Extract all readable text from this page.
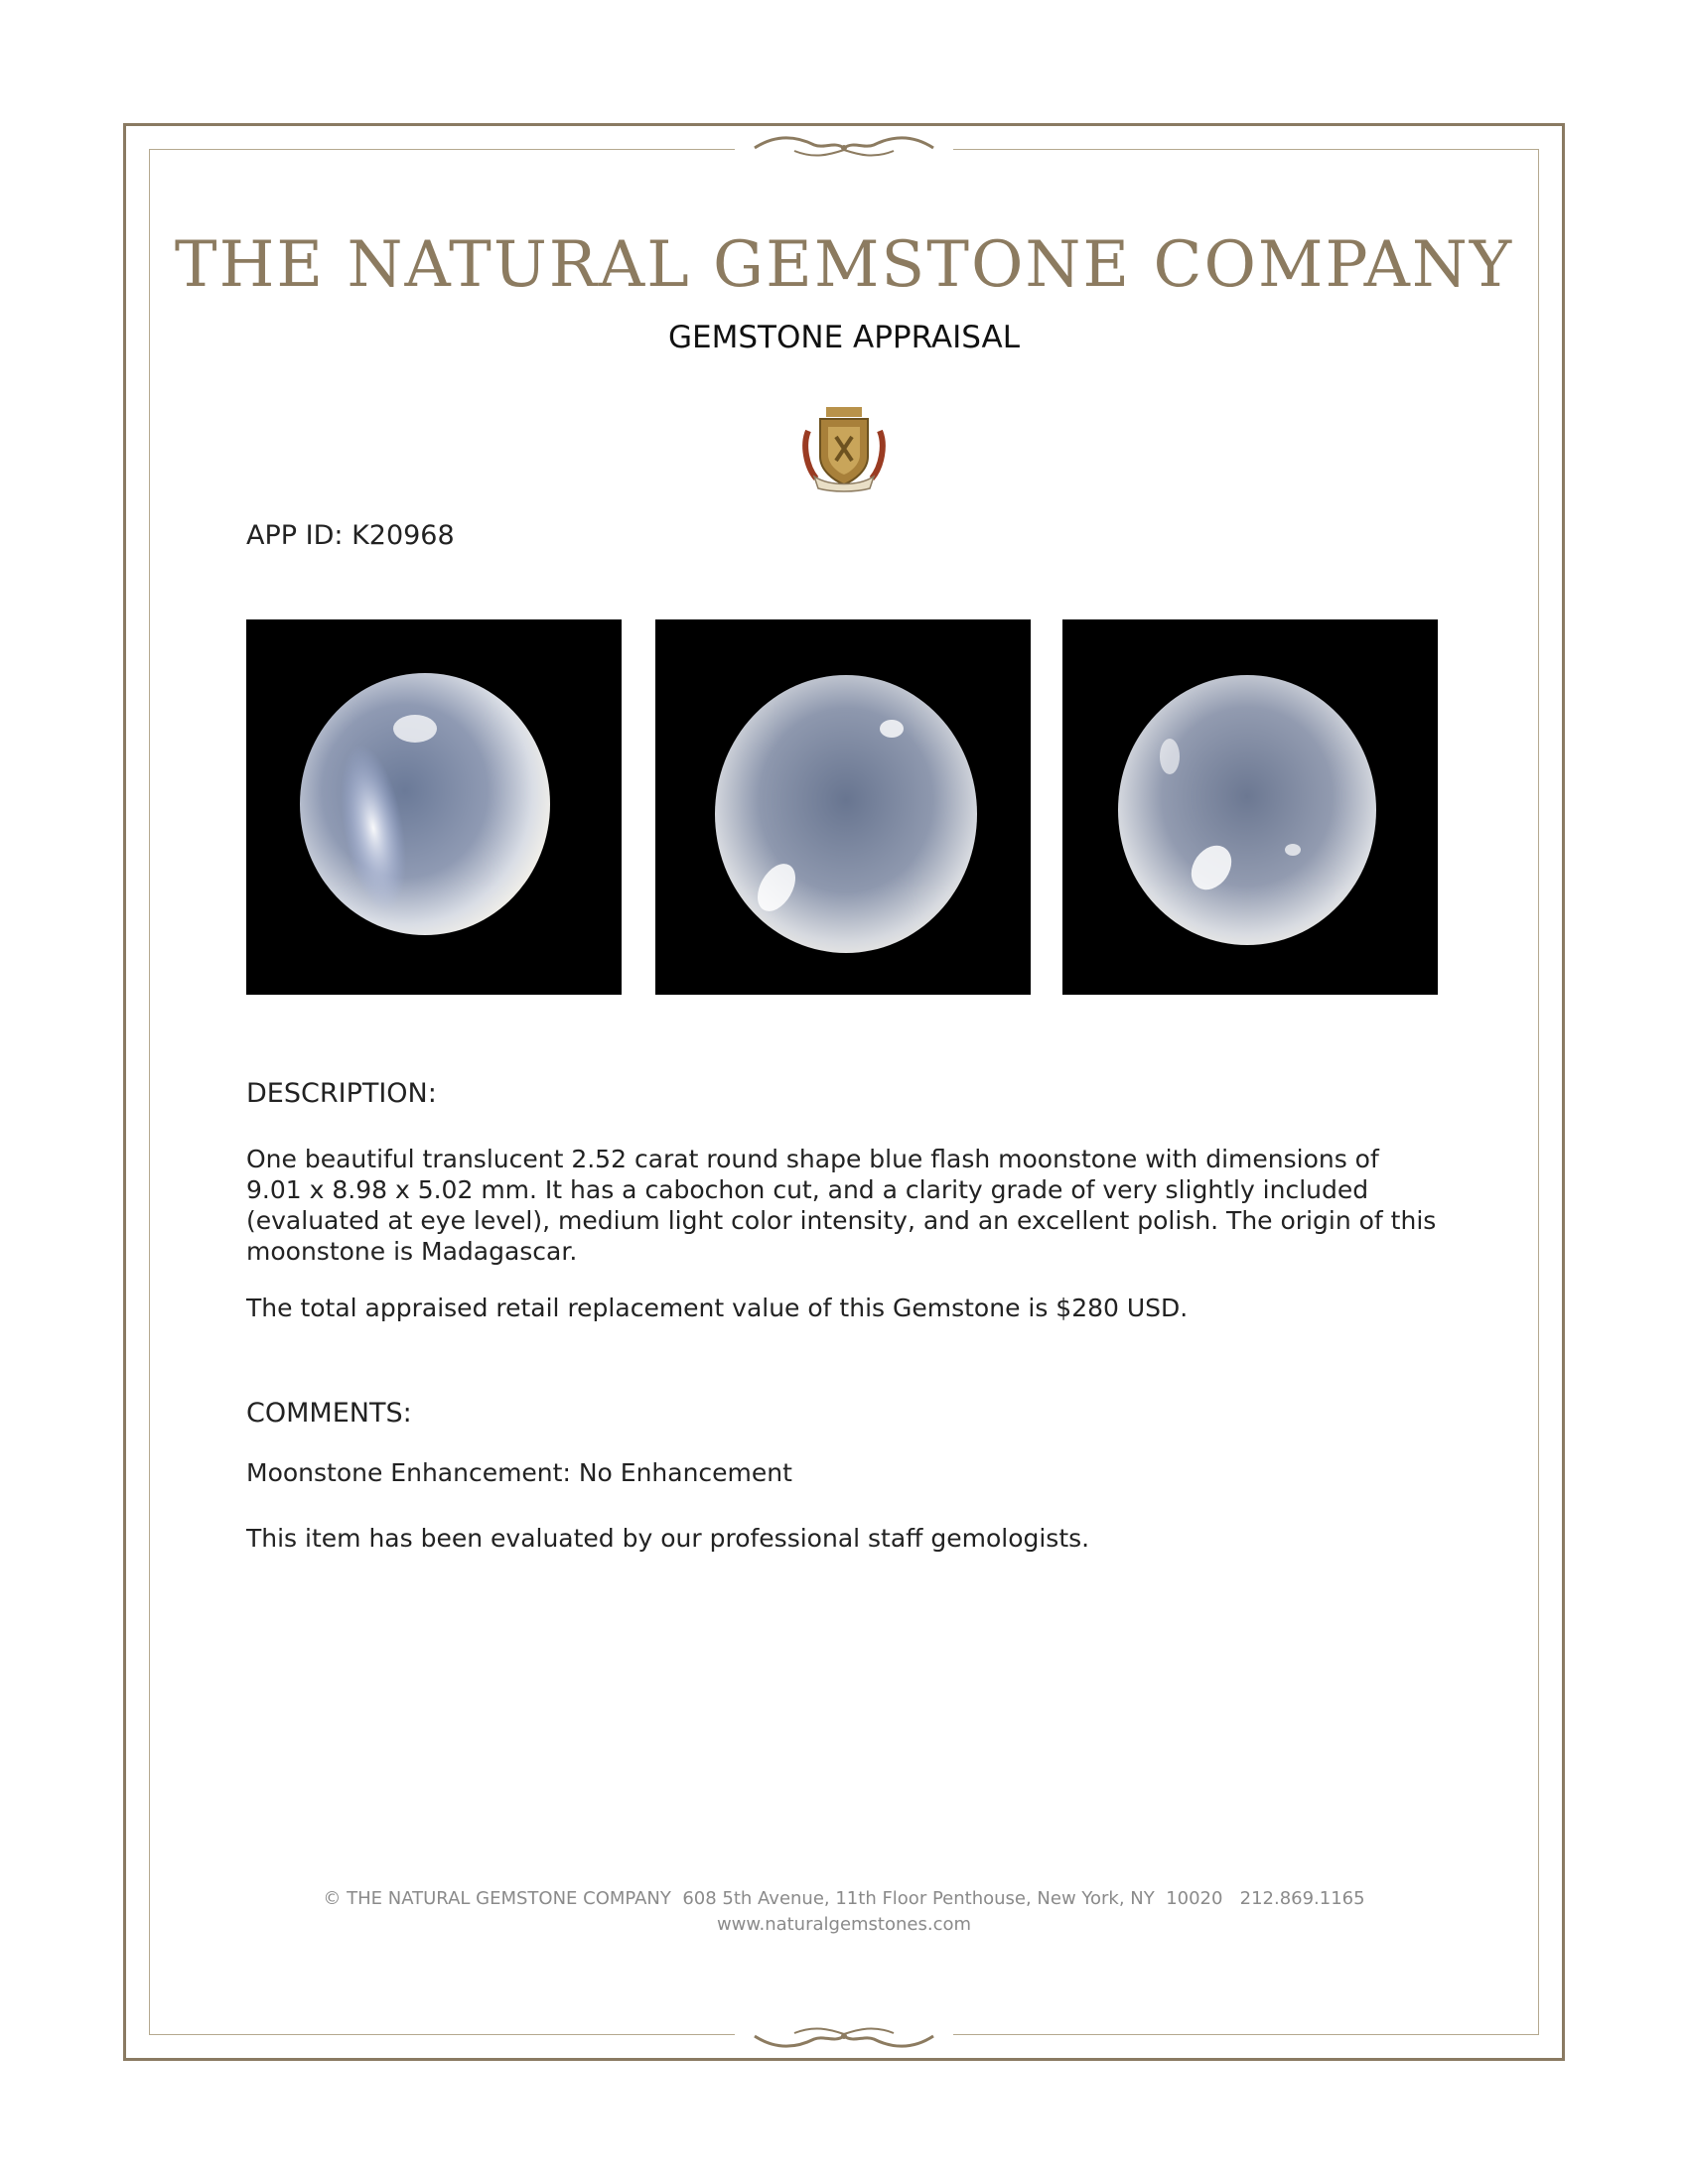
THE NATURAL GEMSTONE COMPANY
GEMSTONE APPRAISAL
APP ID: K20968
DESCRIPTION:

One beautiful translucent 2.52 carat round shape blue flash moonstone with dimensions of 9.01 x 8.98 x 5.02 mm. It has a cabochon cut, and a clarity grade of very slightly included (evaluated at eye level), medium light color intensity, and an excellent polish. The origin of this moonstone is Madagascar.

The total appraised retail replacement value of this Gemstone is $280 USD.

COMMENTS:

Moonstone Enhancement: No Enhancement

This item has been evaluated by our professional staff gemologists.

© THE NATURAL GEMSTONE COMPANY  608 5th Avenue, 11th Floor Penthouse, New York, NY  10020   212.869.1165
www.naturalgemstones.com
